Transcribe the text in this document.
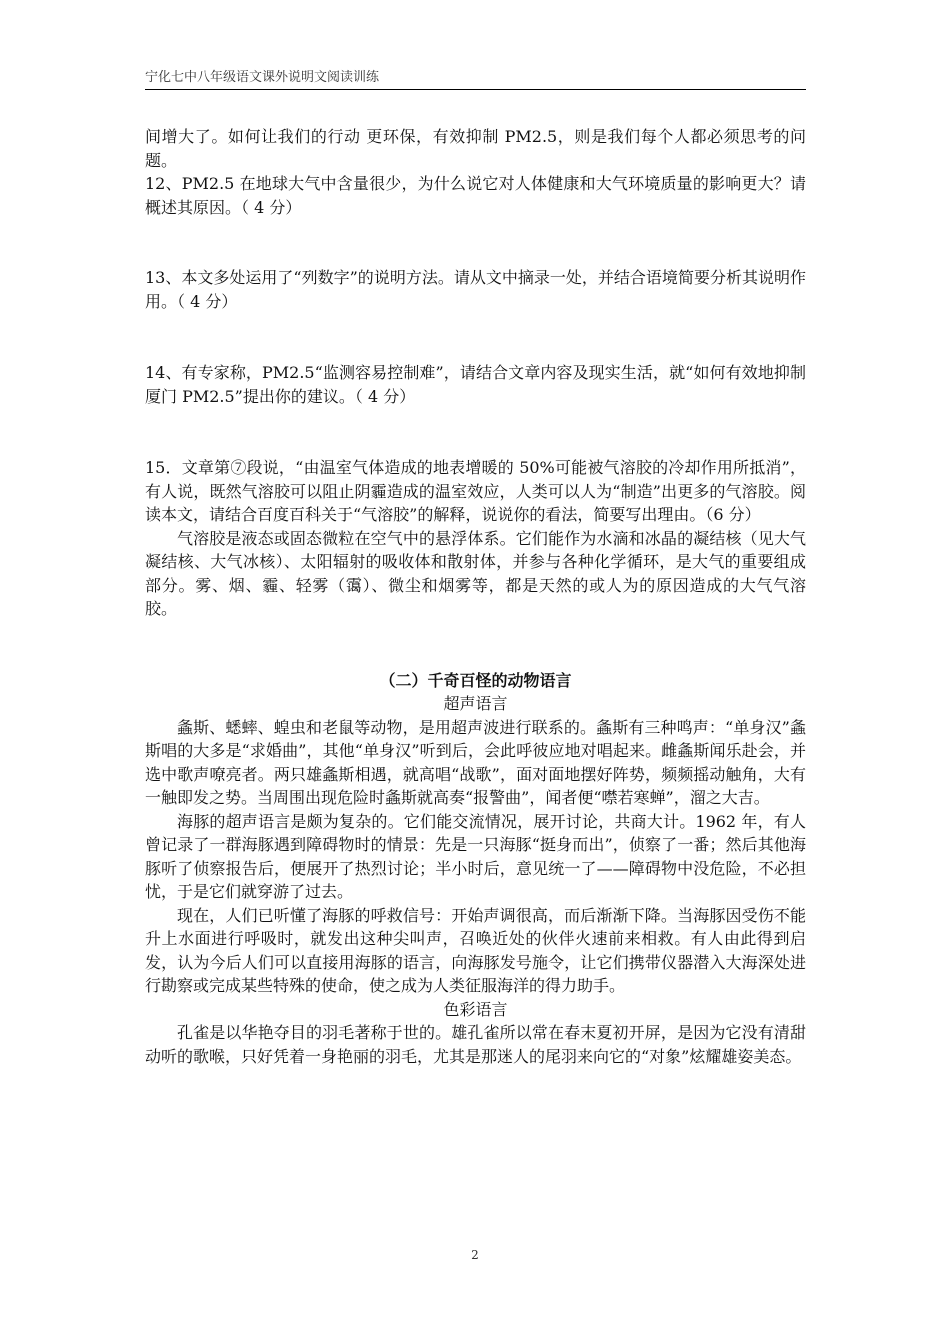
宁化七中八年级语文课外说明文阅读训练

间增大了。如何让我们的行动 更环保，有效抑制 PM2.5，则是我们每个人都必须思考的问题。

12、PM2.5 在地球大气中含量很少，为什么说它对人体健康和大气环境质量的影响更大？请概述其原因。（ 4 分）

13、本文多处运用了“列数字”的说明方法。请从文中摘录一处，并结合语境简要分析其说明作用。（ 4 分）

14、有专家称，PM2.5“监测容易控制难”，请结合文章内容及现实生活，就“如何有效地抑制厦门 PM2.5”提出你的建议。（ 4 分）

15．文章第⑦段说，“由温室气体造成的地表增暖的 50%可能被气溶胶的冷却作用所抵消”，有人说，既然气溶胶可以阻止阴霾造成的温室效应，人类可以人为“制造”出更多的气溶胶。阅读本文，请结合百度百科关于“气溶胶”的解释，说说你的看法，简要写出理由。（6 分）

气溶胶是液态或固态微粒在空气中的悬浮体系。它们能作为水滴和冰晶的凝结核（见大气凝结核、大气冰核）、太阳辐射的吸收体和散射体，并参与各种化学循环，是大气的重要组成部分。雾、烟、霾、轻雾（霭）、微尘和烟雾等，都是天然的或人为的原因造成的大气气溶胶。

（二）千奇百怪的动物语言

超声语言

螽斯、蟋蟀、蝗虫和老鼠等动物，是用超声波进行联系的。螽斯有三种鸣声：“单身汉”螽斯唱的大多是“求婚曲”，其他“单身汉”听到后，会此呼彼应地对唱起来。雌螽斯闻乐赴会，并选中歌声嘹亮者。两只雄螽斯相遇，就高唱“战歌”，面对面地摆好阵势，频频摇动触角，大有一触即发之势。当周围出现危险时螽斯就高奏“报警曲”，闻者便“噤若寒蝉”，溜之大吉。

海豚的超声语言是颇为复杂的。它们能交流情况，展开讨论，共商大计。1962 年，有人曾记录了一群海豚遇到障碍物时的情景：先是一只海豚“挺身而出”，侦察了一番；然后其他海豚听了侦察报告后，便展开了热烈讨论；半小时后，意见统一了——障碍物中没危险，不必担忧，于是它们就穿游了过去。

现在，人们已听懂了海豚的呼救信号：开始声调很高，而后渐渐下降。当海豚因受伤不能升上水面进行呼吸时，就发出这种尖叫声，召唤近处的伙伴火速前来相救。有人由此得到启发，认为今后人们可以直接用海豚的语言，向海豚发号施令，让它们携带仪器潜入大海深处进行勘察或完成某些特殊的使命，使之成为人类征服海洋的得力助手。

色彩语言

孔雀是以华艳夺目的羽毛著称于世的。雄孔雀所以常在春末夏初开屏，是因为它没有清甜动听的歌喉，只好凭着一身艳丽的羽毛，尤其是那迷人的尾羽来向它的“对象”炫耀雄姿美态。

2
